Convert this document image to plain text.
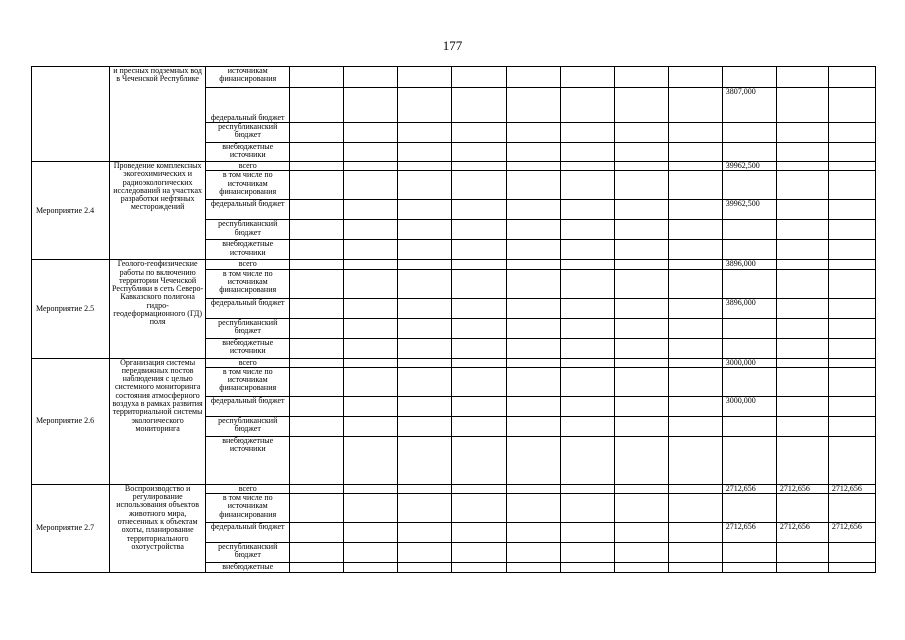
177
	и пресных подземных вод в Чеченской Республике	источникам финансирования											
		федеральный бюджет									3807,000		
		республиканский бюджет											
		внебюджетные источники											
Мероприятие 2.4	Проведение комплексных экогеохимических и радиоэкологических исследований на участках разработки нефтяных месторождений	всего									39962,500		
		в том числе по источникам финансирования											
		федеральный бюджет									39962,500		
		республиканский бюджет											
		внебюджетные источники											
Мероприятие 2.5	Геолого-геофизические работы по включению территории Чеченской Республики в сеть Северо-Кавказского полигона гидро-геодеформационного (ГД) поля	всего									3896,000		
		в том числе по источникам финансирования											
		федеральный бюджет									3896,000		
		республиканский бюджет											
		внебюджетные источники											
Мероприятие 2.6	Организация системы передвижных постов наблюдения с целью системного мониторинга состояния атмосферного воздуха в рамках развития территориальной системы экологического мониторинга	всего									3000,000		
		в том числе по источникам финансирования											
		федеральный бюджет									3000,000		
		республиканский бюджет											
		внебюджетные источники											
Мероприятие 2.7	Воспроизводство и регулирование использования объектов животного мира, отнесенных к объектам охоты, планирование территориального охотустройства	всего									2712,656	2712,656	2712,656
		в том числе по источникам финансирования											
		федеральный бюджет									2712,656	2712,656	2712,656
		республиканский бюджет											
		внебюджетные											
